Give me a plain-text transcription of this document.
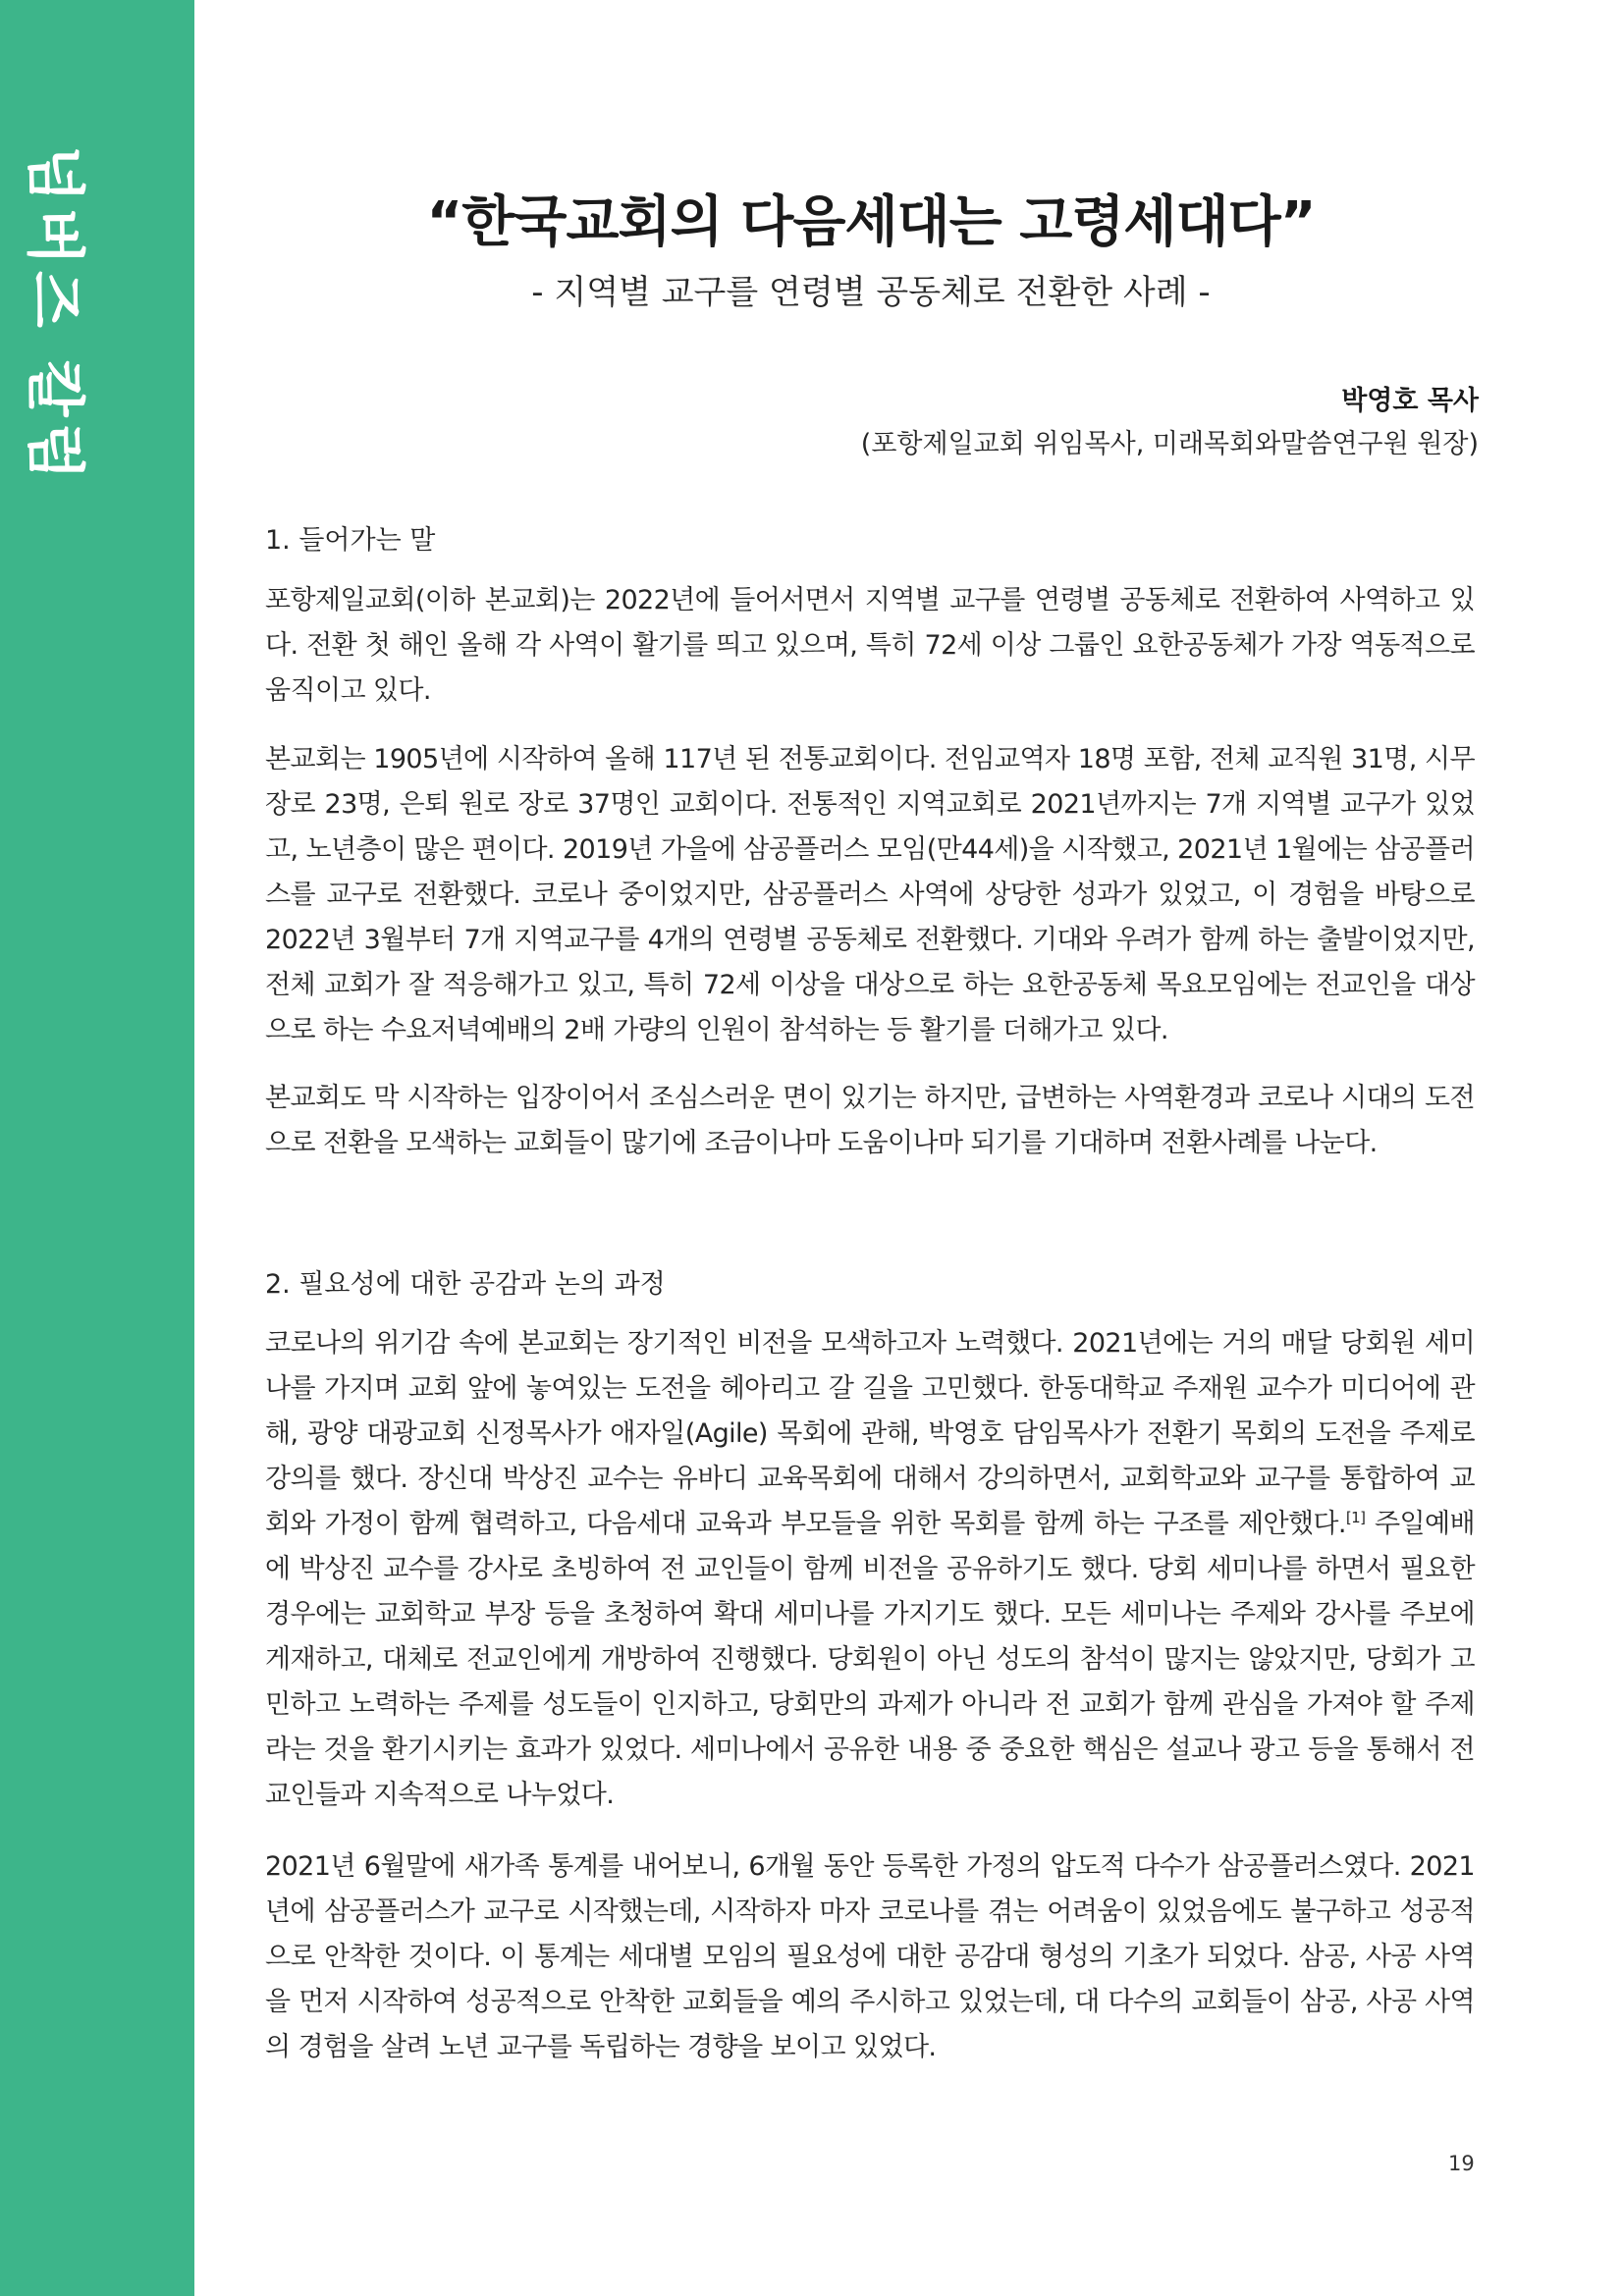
넘버즈 칼럼	“한국교회의 다음세대는 고령세대다”
- 지역별 교구를 연령별 공동체로 전환한 사례 -
박영호 목사
(포항제일교회 위임목사, 미래목회와말씀연구원 원장)
1. 들어가는 말

포항제일교회(이하 본교회)는 2022년에 들어서면서 지역별 교구를 연령별 공동체로 전환하여 사역하고 있다. 전환 첫 해인 올해 각 사역이 활기를 띄고 있으며, 특히 72세 이상 그룹인 요한공동체가 가장 역동적으로 움직이고 있다.

본교회는 1905년에 시작하여 올해 117년 된 전통교회이다. 전임교역자 18명 포함, 전체 교직원 31명, 시무장로 23명, 은퇴 원로 장로 37명인 교회이다. 전통적인 지역교회로 2021년까지는 7개 지역별 교구가 있었고, 노년층이 많은 편이다. 2019년 가을에 삼공플러스 모임(만44세)을 시작했고, 2021년 1월에는 삼공플러스를 교구로 전환했다. 코로나 중이었지만, 삼공플러스 사역에 상당한 성과가 있었고, 이 경험을 바탕으로 2022년 3월부터 7개 지역교구를 4개의 연령별 공동체로 전환했다. 기대와 우려가 함께 하는 출발이었지만, 전체 교회가 잘 적응해가고 있고, 특히 72세 이상을 대상으로 하는 요한공동체 목요모임에는 전교인을 대상으로 하는 수요저녁예배의 2배 가량의 인원이 참석하는 등 활기를 더해가고 있다.

본교회도 막 시작하는 입장이어서 조심스러운 면이 있기는 하지만, 급변하는 사역환경과 코로나 시대의 도전으로 전환을 모색하는 교회들이 많기에 조금이나마 도움이나마 되기를 기대하며 전환사례를 나눈다.

2. 필요성에 대한 공감과 논의 과정

코로나의 위기감 속에 본교회는 장기적인 비전을 모색하고자 노력했다. 2021년에는 거의 매달 당회원 세미나를 가지며 교회 앞에 놓여있는 도전을 헤아리고 갈 길을 고민했다. 한동대학교 주재원 교수가 미디어에 관해, 광양 대광교회 신정목사가 애자일(Agile) 목회에 관해, 박영호 담임목사가 전환기 목회의 도전을 주제로 강의를 했다. 장신대 박상진 교수는 유바디 교육목회에 대해서 강의하면서, 교회학교와 교구를 통합하여 교회와 가정이 함께 협력하고, 다음세대 교육과 부모들을 위한 목회를 함께 하는 구조를 제안했다.[1] 주일예배에 박상진 교수를 강사로 초빙하여 전 교인들이 함께 비전을 공유하기도 했다. 당회 세미나를 하면서 필요한 경우에는 교회학교 부장 등을 초청하여 확대 세미나를 가지기도 했다. 모든 세미나는 주제와 강사를 주보에 게재하고, 대체로 전교인에게 개방하여 진행했다. 당회원이 아닌 성도의 참석이 많지는 않았지만, 당회가 고민하고 노력하는 주제를 성도들이 인지하고, 당회만의 과제가 아니라 전 교회가 함께 관심을 가져야 할 주제라는 것을 환기시키는 효과가 있었다. 세미나에서 공유한 내용 중 중요한 핵심은 설교나 광고 등을 통해서 전교인들과 지속적으로 나누었다.

2021년 6월말에 새가족 통계를 내어보니, 6개월 동안 등록한 가정의 압도적 다수가 삼공플러스였다. 2021년에 삼공플러스가 교구로 시작했는데, 시작하자 마자 코로나를 겪는 어려움이 있었음에도 불구하고 성공적으로 안착한 것이다. 이 통계는 세대별 모임의 필요성에 대한 공감대 형성의 기초가 되었다. 삼공, 사공 사역을 먼저 시작하여 성공적으로 안착한 교회들을 예의 주시하고 있었는데, 대 다수의 교회들이 삼공, 사공 사역의 경험을 살려 노년 교구를 독립하는 경향을 보이고 있었다.

19
